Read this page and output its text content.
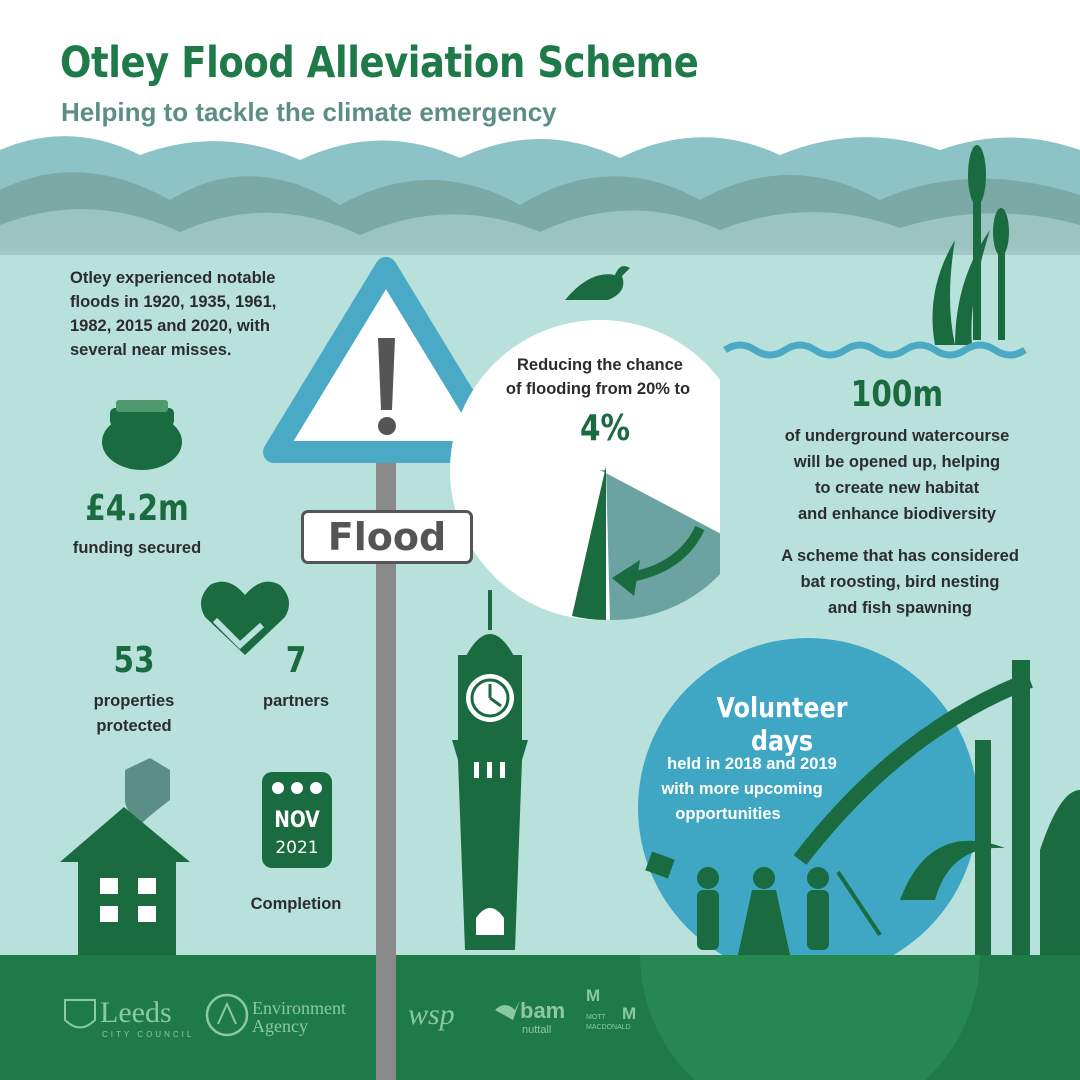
Otley Flood Alleviation Scheme
Helping to tackle the climate emergency

Otley experienced notable floods in 1920, 1935, 1961, 1982, 2015 and 2020, with several near misses.

£4.2m
funding secured
53
properties
protected
7
partners
NOV
2021
Completion
Flood
Reducing the chance
of flooding from 20% to
4%
100m
of underground watercourse
will be opened up, helping
to create new habitat
and enhance biodiversity
A scheme that has considered
bat roosting, bird nesting
and fish spawning
Volunteer days
held in 2018 and 2019
with more upcoming
opportunities
Leeds
CITY COUNCIL
Environment
Agency	wsp	bam
nuttall
M
M
MOTT
MACDONALD
